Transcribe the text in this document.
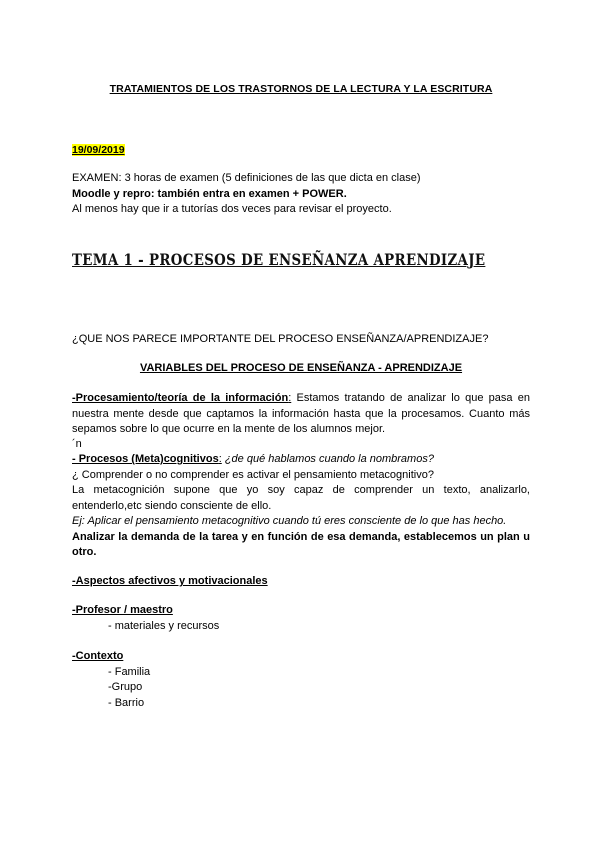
TRATAMIENTOS DE LOS TRASTORNOS DE LA LECTURA Y LA ESCRITURA
19/09/2019
EXAMEN: 3 horas de examen (5 definiciones de las que dicta en clase)
Moodle y repro: también entra en examen + POWER.
Al menos hay que ir a tutorías dos veces para revisar el proyecto.
TEMA 1 - PROCESOS DE ENSEÑANZA APRENDIZAJE
¿QUE NOS PARECE IMPORTANTE DEL PROCESO ENSEÑANZA/APRENDIZAJE?
VARIABLES DEL PROCESO DE ENSEÑANZA - APRENDIZAJE
-Procesamiento/teoría de la información: Estamos tratando de analizar lo que pasa en nuestra mente desde que captamos la información hasta que la procesamos. Cuanto más sepamos sobre lo que ocurre en la mente de los alumnos mejor.
´n
- Procesos (Meta)cognitivos: ¿de qué hablamos cuando la nombramos?
¿ Comprender o no comprender es activar el pensamiento metacognitivo?
La metacognición supone que yo soy capaz de comprender un texto, analizarlo, entenderlo,etc siendo consciente de ello.
Ej: Aplicar el pensamiento metacognitivo cuando tú eres consciente de lo que has hecho.
Analizar la demanda de la tarea y en función de esa demanda, establecemos un plan u otro.
-Aspectos afectivos y motivacionales
-Profesor / maestro
- materiales y recursos
-Contexto
- Familia
-Grupo
- Barrio
